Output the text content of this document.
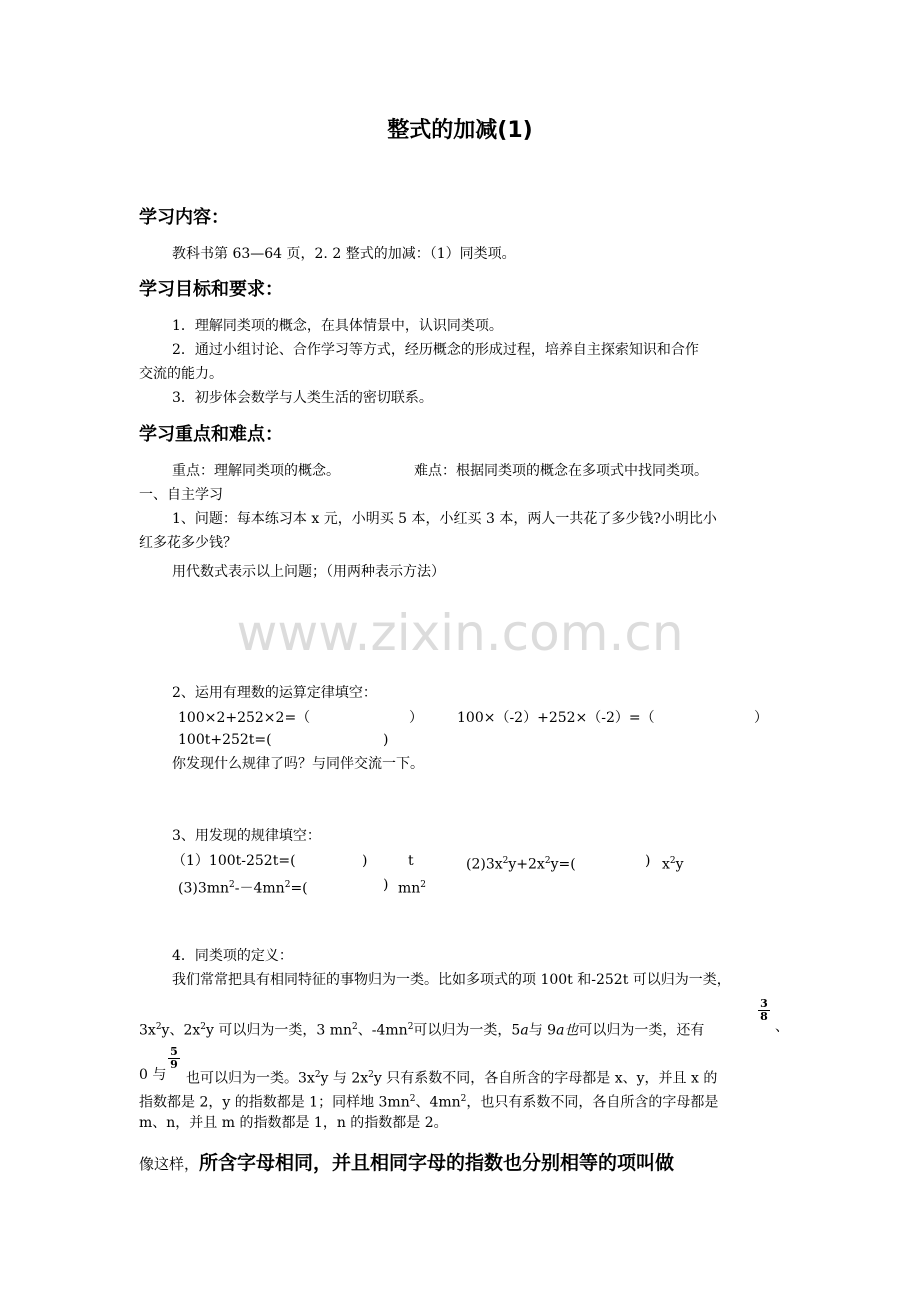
整式的加减(1)
学习内容：
教科书第 63—64 页，2. 2 整式的加减：（1）同类项。
学习目标和要求：
1．理解同类项的概念，在具体情景中，认识同类项。
2．通过小组讨论、合作学习等方式，经历概念的形成过程，培养自主探索知识和合作
交流的能力。
3．初步体会数学与人类生活的密切联系。
学习重点和难点：
重点：理解同类项的概念。	难点：根据同类项的概念在多项式中找同类项。
一、自主学习
1、问题：每本练习本 x 元，小明买 5 本，小红买 3 本，两人一共花了多少钱?小明比小
红多花多少钱？
用代数式表示以上问题；（用两种表示方法）
www.zixin.com.cn
2、运用有理数的运算定律填空：
100×2+252×2=（	） 100×（-2）+252×（-2）=（	）
100t+252t=(	)
你发现什么规律了吗？与同伴交流一下。
3、用发现的规律填空：
（1）100t-252t=(	)	t	$(2)3x^2y+2x^2y=$(	) $x^2y$
$(3)3mn^2--4mn^2=$(	) $mn^2$
4．同类项的定义：
我们常常把具有相同特征的事物归为一类。比如多项式的项 100t 和-252t 可以归为一类，
$3x^2y$、$2x^2y$ 可以归为一类，3 $mn^2$、$-4mn^2$可以归为一类，5a与 9a也可以归为一类，还有
$\frac{3}{8}$
、
$\frac{5}{9}$
0 与 也可以归为一类。$3x^2y$ 与 $2x^2y$ 只有系数不同，各自所含的字母都是 x、y，并且 x 的
指数都是 2，y 的指数都是 1；同样地 $3mn^2$、$4mn^2$，也只有系数不同，各自所含的字母都是
m、n，并且 m 的指数都是 1，n 的指数都是 2。
像这样，所含字母相同，并且相同字母的指数也分别相等的项叫做
